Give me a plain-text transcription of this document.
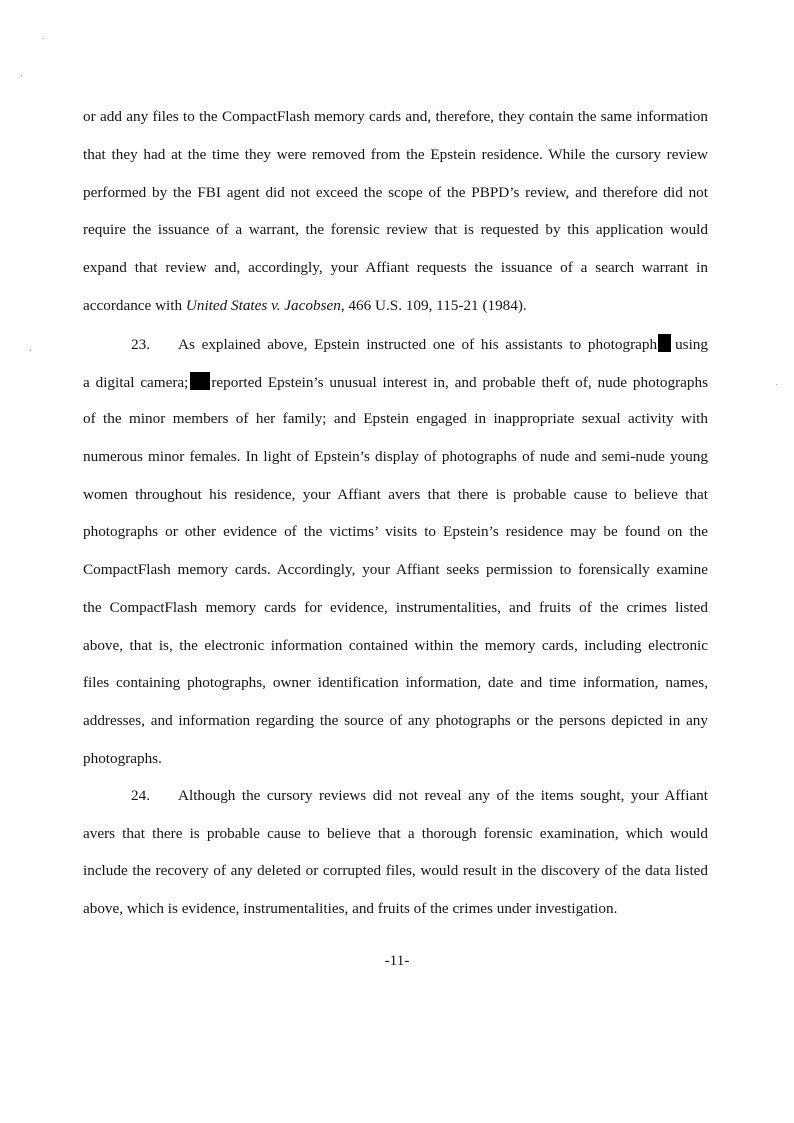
or add any files to the CompactFlash memory cards and, therefore, they contain the same information
that they had at the time they were removed from the Epstein residence. While the cursory review
performed by the FBI agent did not exceed the scope of the PBPD’s review, and therefore did not
require the issuance of a warrant, the forensic review that is requested by this application would
expand that review and, accordingly, your Affiant requests the issuance of a search warrant in
accordance with United States v. Jacobsen, 466 U.S. 109, 115-21 (1984).
23. As explained above, Epstein instructed one of his assistants to photograph using
a digital camera; reported Epstein’s unusual interest in, and probable theft of, nude photographs
of the minor members of her family; and Epstein engaged in inappropriate sexual activity with
numerous minor females. In light of Epstein’s display of photographs of nude and semi-nude young
women throughout his residence, your Affiant avers that there is probable cause to believe that
photographs or other evidence of the victims’ visits to Epstein’s residence may be found on the
CompactFlash memory cards. Accordingly, your Affiant seeks permission to forensically examine
the CompactFlash memory cards for evidence, instrumentalities, and fruits of the crimes listed
above, that is, the electronic information contained within the memory cards, including electronic
files containing photographs, owner identification information, date and time information, names,
addresses, and information regarding the source of any photographs or the persons depicted in any
photographs.
24. Although the cursory reviews did not reveal any of the items sought, your Affiant
avers that there is probable cause to believe that a thorough forensic examination, which would
include the recovery of any deleted or corrupted files, would result in the discovery of the data listed
above, which is evidence, instrumentalities, and fruits of the crimes under investigation.
-11-
